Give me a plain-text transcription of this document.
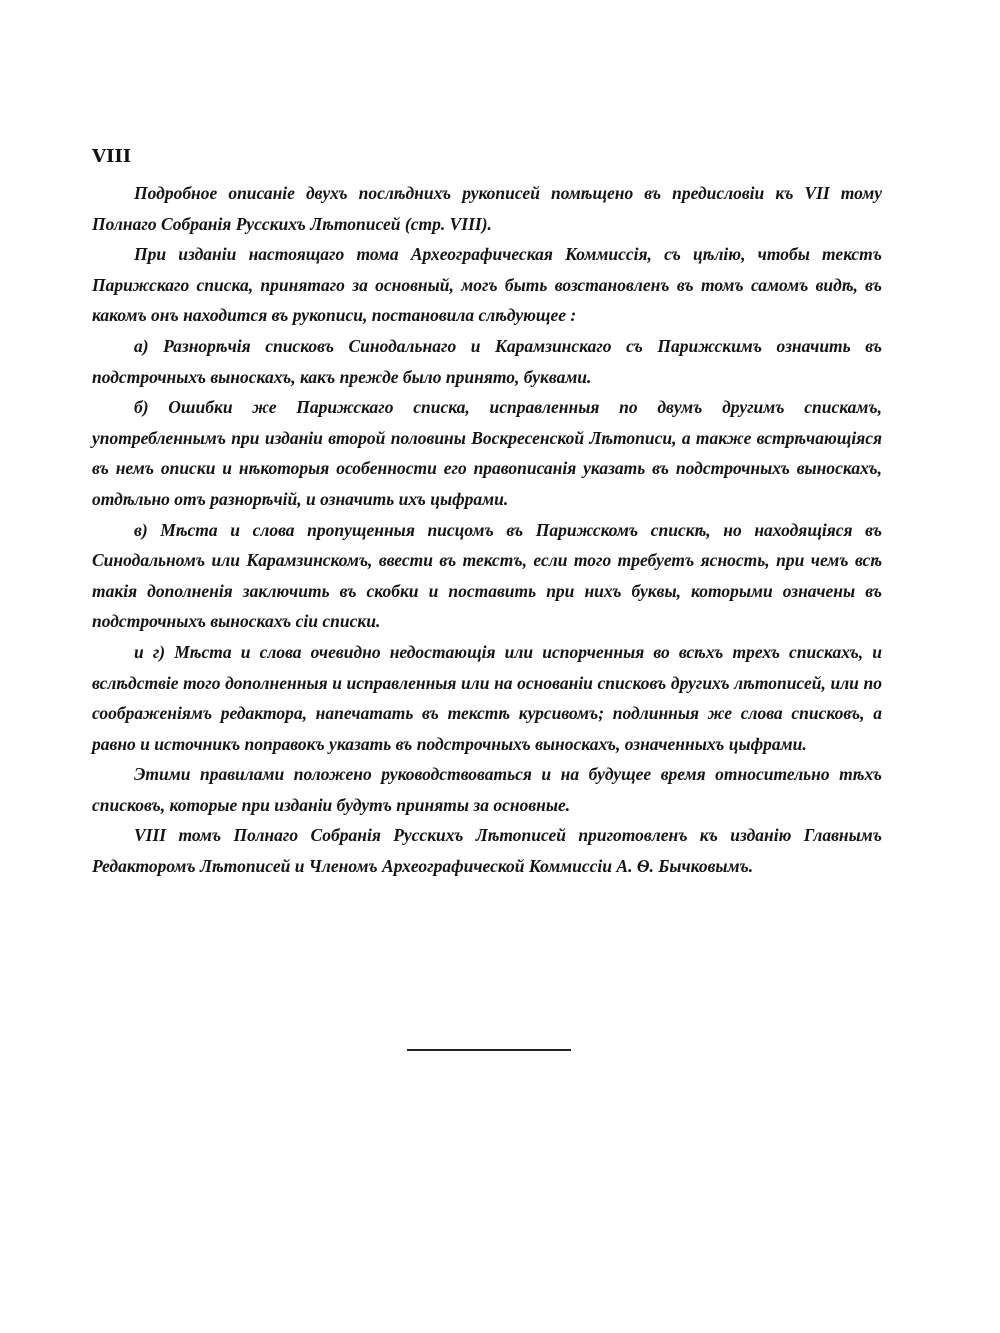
VIII

Подробное описаніе двухъ послѣднихъ рукописей помѣщено въ предисловіи къ VII тому Полнаго Собранія Русскихъ Лѣтописей (стр. VIII).

При изданіи настоящаго тома Археографическая Коммиссія, съ цѣлію, чтобы текстъ Парижскаго списка, принятаго за основный, могъ быть возстановленъ въ томъ самомъ видѣ, въ какомъ онъ находится въ рукописи, постановила слѣдующее :

а) Разнорѣчія списковъ Синодальнаго и Карамзинскаго съ Парижскимъ означить въ подстрочныхъ выноскахъ, какъ прежде было принято, буквами.

б) Ошибки же Парижскаго списка, исправленныя по двумъ другимъ спискамъ, употребленнымъ при изданіи второй половины Воскресенской Лѣтописи, а также встрѣчающіяся въ немъ описки и нѣкоторыя особенности его правописанія указать въ подстрочныхъ выноскахъ, отдѣльно отъ разнорѣчій, и означить ихъ цыфрами.

в) Мѣста и слова пропущенныя писцомъ въ Парижскомъ спискѣ, но находящіяся въ Синодальномъ или Карамзинскомъ, ввести въ текстъ, если того требуетъ ясность, при чемъ всѣ такія дополненія заключить въ скобки и поставить при нихъ буквы, которыми означены въ подстрочныхъ выноскахъ сіи списки.

и г) Мѣста и слова очевидно недостающія или испорченныя во всѣхъ трехъ спискахъ, и вслѣдствіе того дополненныя и исправленныя или на основаніи списковъ другихъ лѣтописей, или по соображеніямъ редактора, напечатать въ текстѣ курсивомъ; подлинныя же слова списковъ, а равно и источникъ поправокъ указать въ подстрочныхъ выноскахъ, означенныхъ цыфрами.

Этими правилами положено руководствоваться и на будущее время относительно тѣхъ списковъ, которые при изданіи будутъ приняты за основные.

VIII томъ Полнаго Собранія Русскихъ Лѣтописей приготовленъ къ изданію Главнымъ Редакторомъ Лѣтописей и Членомъ Археографической Коммиссіи А. Ѳ. Бычковымъ.
